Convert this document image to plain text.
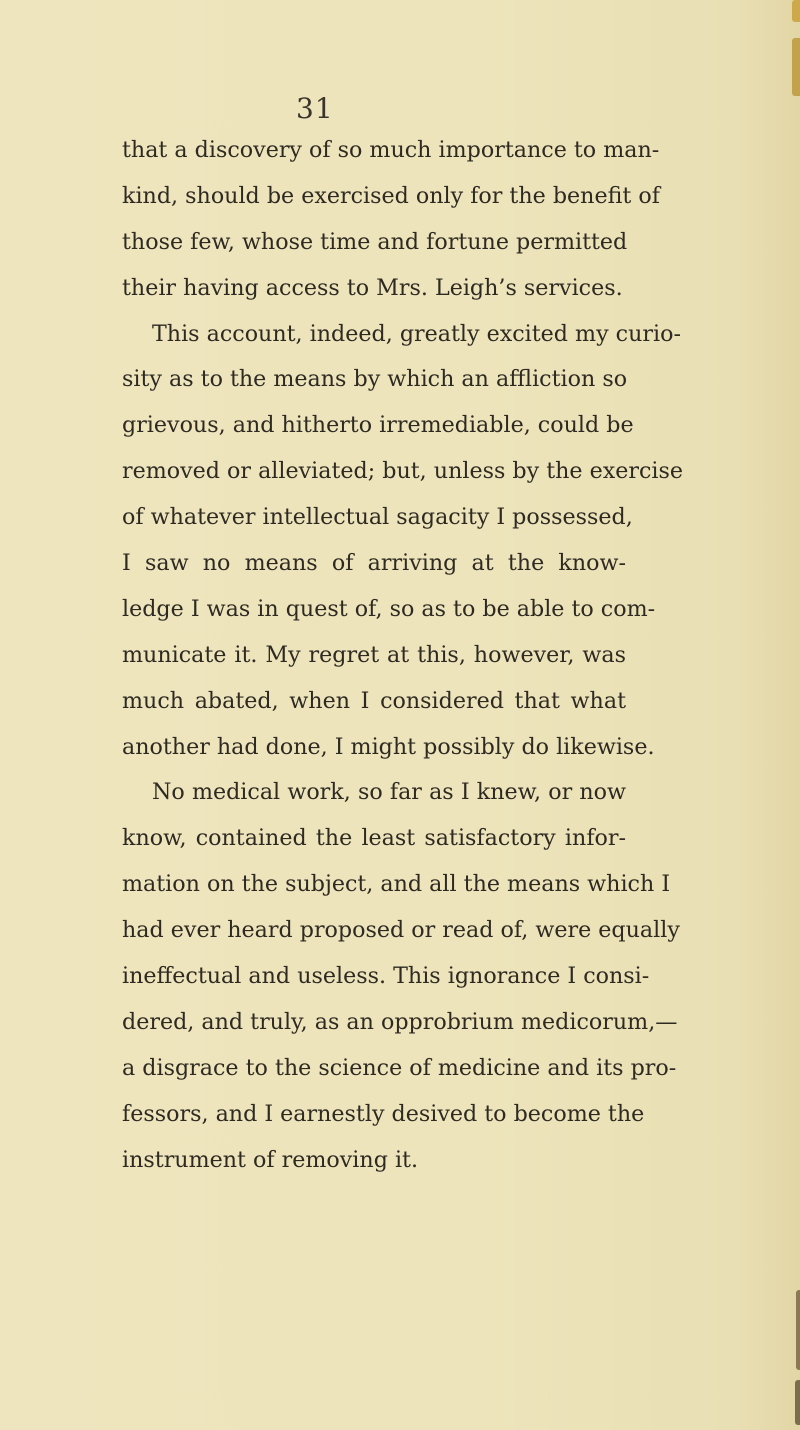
31
that a discovery of so much importance to man-
kind, should be exercised only for the benefit of
those few, whose time and fortune permitted
their having access to Mrs. Leigh’s services.
This account, indeed, greatly excited my curio-
sity as to the means by which an affliction so
grievous, and hitherto irremediable, could be
removed or alleviated; but, unless by the exercise
of whatever intellectual sagacity I possessed,
I saw no means of arriving at the know-
ledge I was in quest of, so as to be able to com-
municate it. My regret at this, however, was
much abated, when I considered that what
another had done, I might possibly do likewise.
No medical work, so far as I knew, or now
know, contained the least satisfactory infor-
mation on the subject, and all the means which I
had ever heard proposed or read of, were equally
ineffectual and useless. This ignorance I consi-
dered, and truly, as an opprobrium medicorum,—
a disgrace to the science of medicine and its pro-
fessors, and I earnestly desived to become the
instrument of removing it.
